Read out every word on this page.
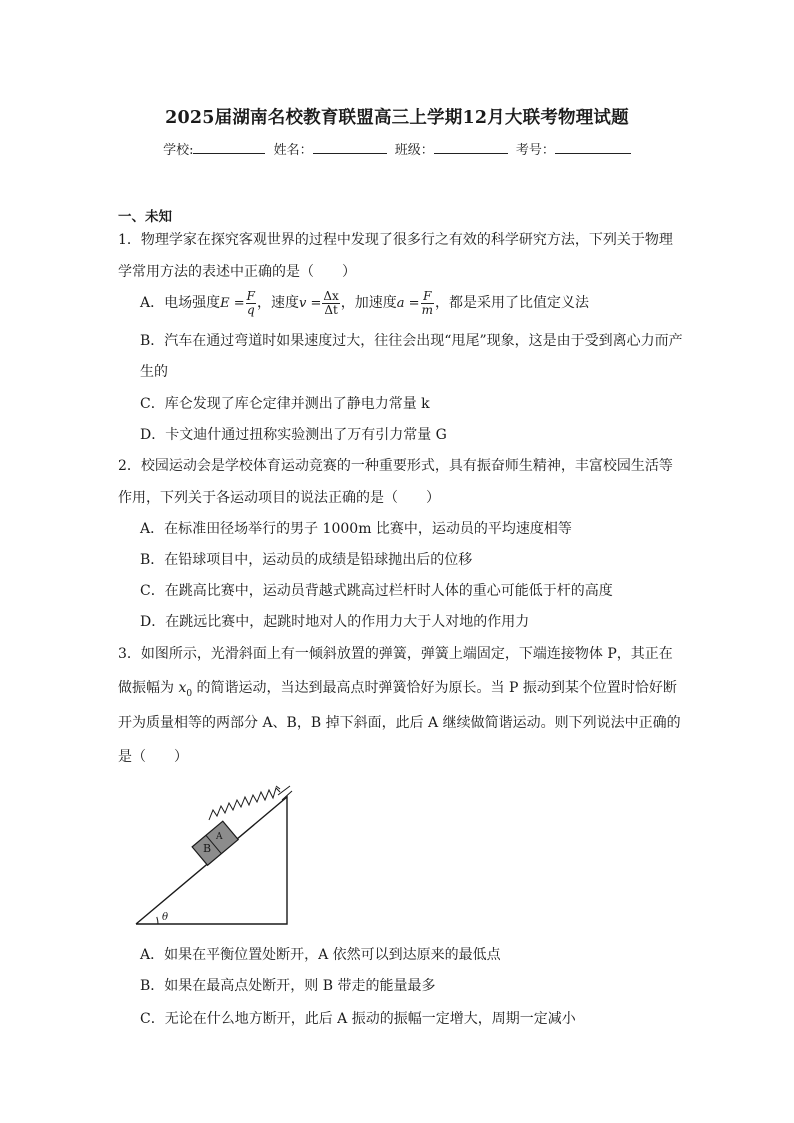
2025届湖南名校教育联盟高三上学期12月大联考物理试题
学校:	姓名：	班级：	考号：
一、未知
1．物理学家在探究客观世界的过程中发现了很多行之有效的科学研究方法，下列关于物理
学常用方法的表述中正确的是（　　）
A．电场强度$E = \frac{F}{q}$ ，速度$v = \frac{\Delta x}{\Delta t}$ ，加速度$a = \frac{F}{m}$ ，都是采用了比值定义法
B．汽车在通过弯道时如果速度过大，往往会出现“甩尾”现象，这是由于受到离心力而产
生的
C．库仑发现了库仑定律并测出了静电力常量 k
D．卡文迪什通过扭称实验测出了万有引力常量 G
2．校园运动会是学校体育运动竞赛的一种重要形式，具有振奋师生精神，丰富校园生活等
作用，下列关于各运动项目的说法正确的是（　　）
A．在标准田径场举行的男子 1000m 比赛中，运动员的平均速度相等
B．在铅球项目中，运动员的成绩是铅球抛出后的位移
C．在跳高比赛中，运动员背越式跳高过栏杆时人体的重心可能低于杆的高度
D．在跳远比赛中，起跳时地对人的作用力大于人对地的作用力
3．如图所示，光滑斜面上有一倾斜放置的弹簧，弹簧上端固定，下端连接物体 P，其正在
做振幅为 $x_0$ 的简谐运动，当达到最高点时弹簧恰好为原长。当 P 振动到某个位置时恰好断
开为质量相等的两部分 A、B，B 掉下斜面，此后 A 继续做简谐运动。则下列说法中正确的
是（　　）
θ
B
A
A．如果在平衡位置处断开，A 依然可以到达原来的最低点
B．如果在最高点处断开，则 B 带走的能量最多
C．无论在什么地方断开，此后 A 振动的振幅一定增大，周期一定减小
